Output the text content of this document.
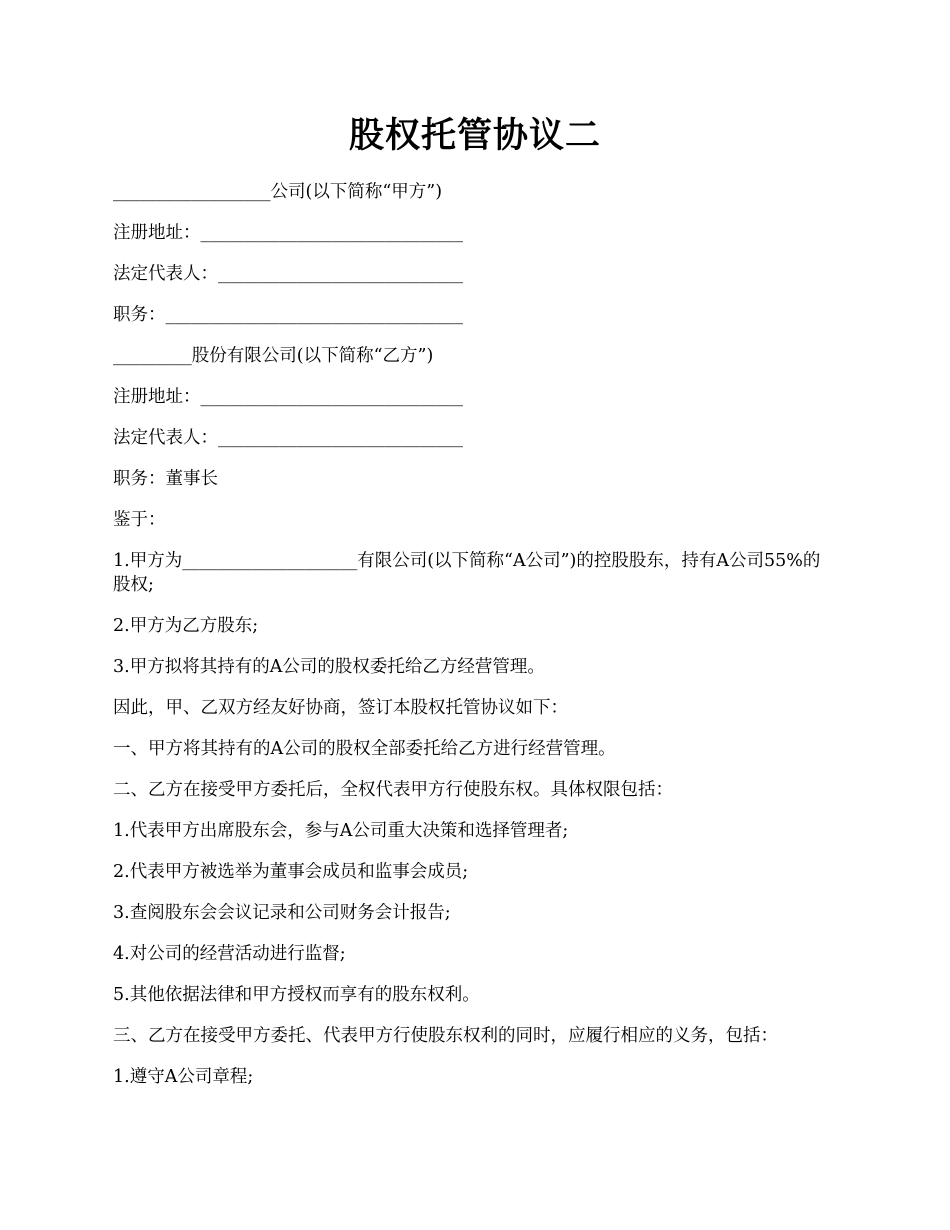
股权托管协议二

__________________公司(以下简称“甲方”)

注册地址：______________________________

法定代表人：____________________________

职务：__________________________________

_________股份有限公司(以下简称“乙方”)

注册地址：______________________________

法定代表人：____________________________

职务：董事长

鉴于：

1.甲方为____________________有限公司(以下简称“A公司”)的控股股东，持有A公司55%的股权;

2.甲方为乙方股东;

3.甲方拟将其持有的A公司的股权委托给乙方经营管理。

因此，甲、乙双方经友好协商，签订本股权托管协议如下：

一、甲方将其持有的A公司的股权全部委托给乙方进行经营管理。

二、乙方在接受甲方委托后，全权代表甲方行使股东权。具体权限包括：

1.代表甲方出席股东会，参与A公司重大决策和选择管理者;

2.代表甲方被选举为董事会成员和监事会成员;

3.查阅股东会会议记录和公司财务会计报告;

4.对公司的经营活动进行监督;

5.其他依据法律和甲方授权而享有的股东权利。

三、乙方在接受甲方委托、代表甲方行使股东权利的同时，应履行相应的义务，包括：

1.遵守A公司章程;
